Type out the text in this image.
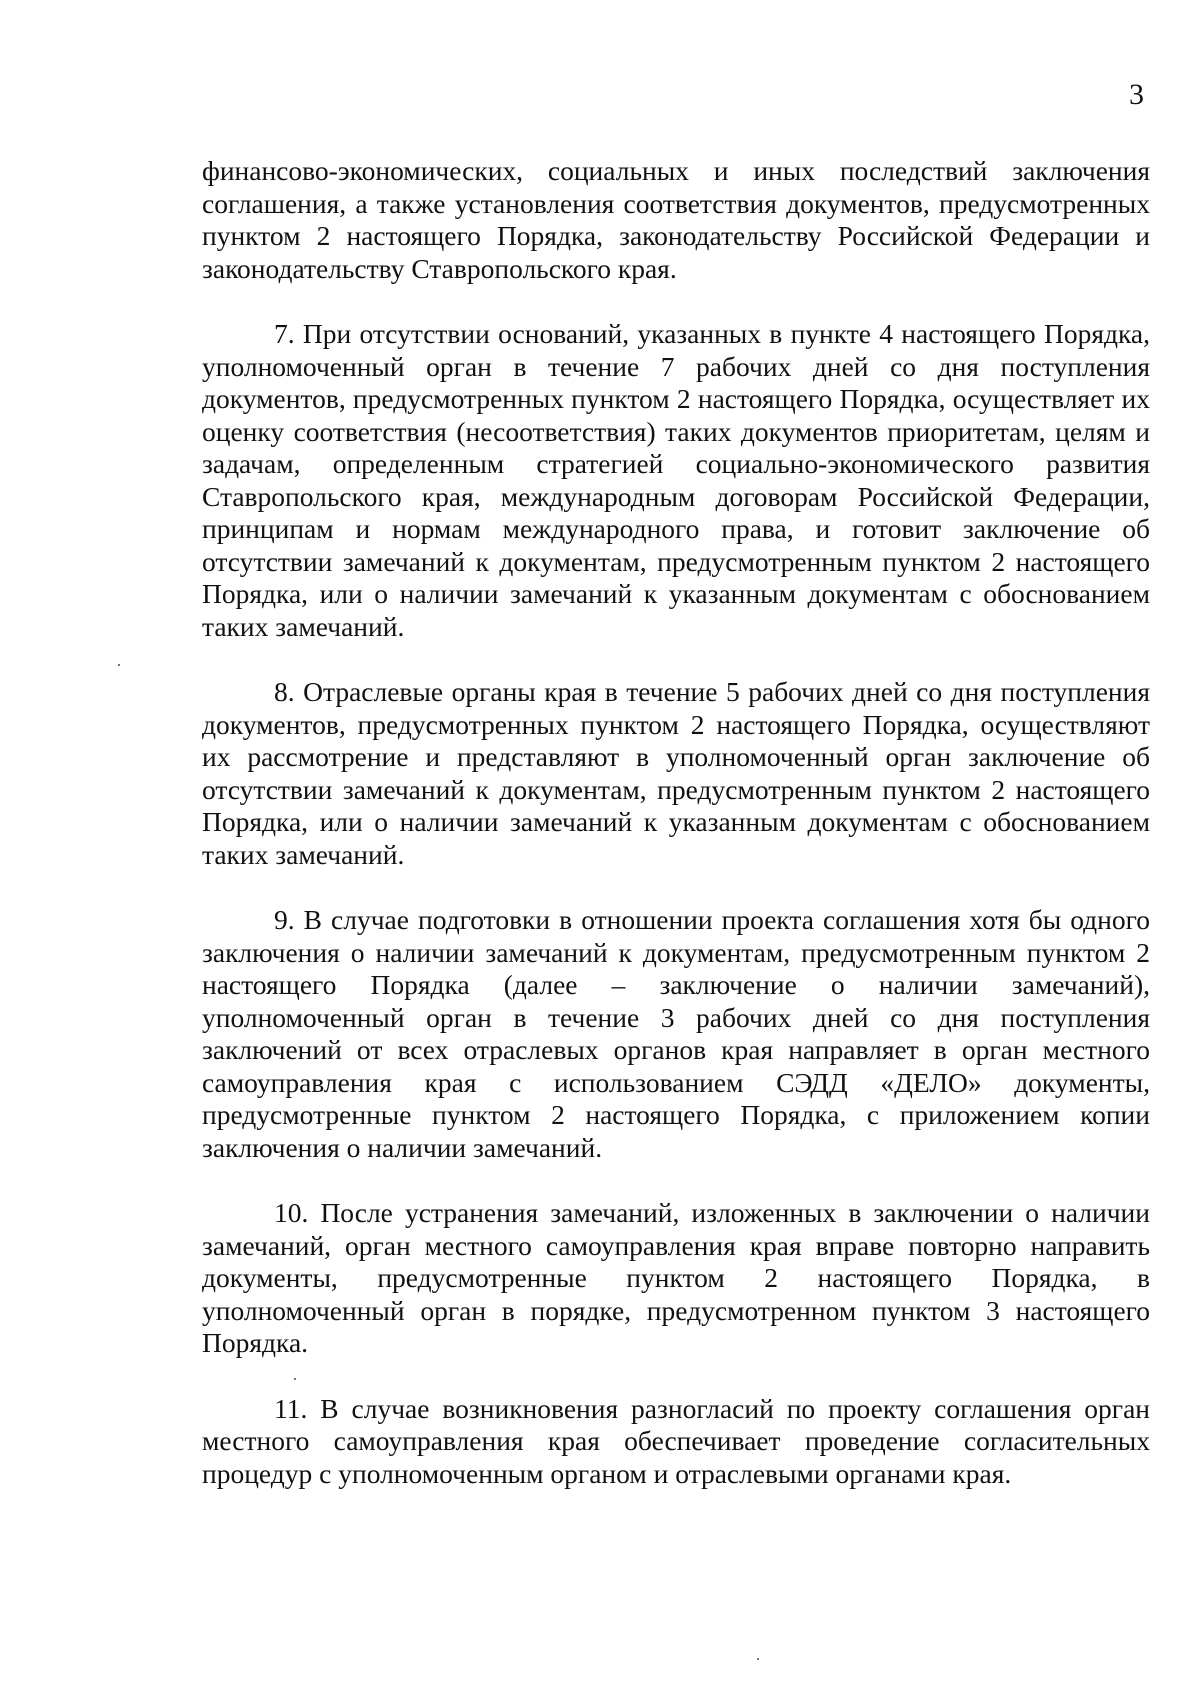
3

финансово-экономических, социальных и иных последствий заключения соглашения, а также установления соответствия документов, предусмотренных пунктом 2 настоящего Порядка, законодательству Российской Федерации и законодательству Ставропольского края.

7. При отсутствии оснований, указанных в пункте 4 настоящего Порядка, уполномоченный орган в течение 7 рабочих дней со дня поступления документов, предусмотренных пунктом 2 настоящего Порядка, осуществляет их оценку соответствия (несоответствия) таких документов приоритетам, целям и задачам, определенным стратегией социально-экономического развития Ставропольского края, международным договорам Российской Федерации, принципам и нормам международного права, и готовит заключение об отсутствии замечаний к документам, предусмотренным пунктом 2 настоящего Порядка, или о наличии замечаний к указанным документам с обоснованием таких замечаний.

8. Отраслевые органы края в течение 5 рабочих дней со дня поступления документов, предусмотренных пунктом 2 настоящего Порядка, осуществляют их рассмотрение и представляют в уполномоченный орган заключение об отсутствии замечаний к документам, предусмотренным пунктом 2 настоящего Порядка, или о наличии замечаний к указанным документам с обоснованием таких замечаний.

9. В случае подготовки в отношении проекта соглашения хотя бы одного заключения о наличии замечаний к документам, предусмотренным пунктом 2 настоящего Порядка (далее – заключение о наличии замечаний), уполномоченный орган в течение 3 рабочих дней со дня поступления заключений от всех отраслевых органов края направляет в орган местного самоуправления края с использованием СЭДД «ДЕЛО» документы, предусмотренные пунктом 2 настоящего Порядка, с приложением копии заключения о наличии замечаний.

10. После устранения замечаний, изложенных в заключении о наличии замечаний, орган местного самоуправления края вправе повторно направить документы, предусмотренные пунктом 2 настоящего Порядка, в уполномоченный орган в порядке, предусмотренном пунктом 3 настоящего Порядка.

11. В случае возникновения разногласий по проекту соглашения орган местного самоуправления края обеспечивает проведение согласительных процедур с уполномоченным органом и отраслевыми органами края.
